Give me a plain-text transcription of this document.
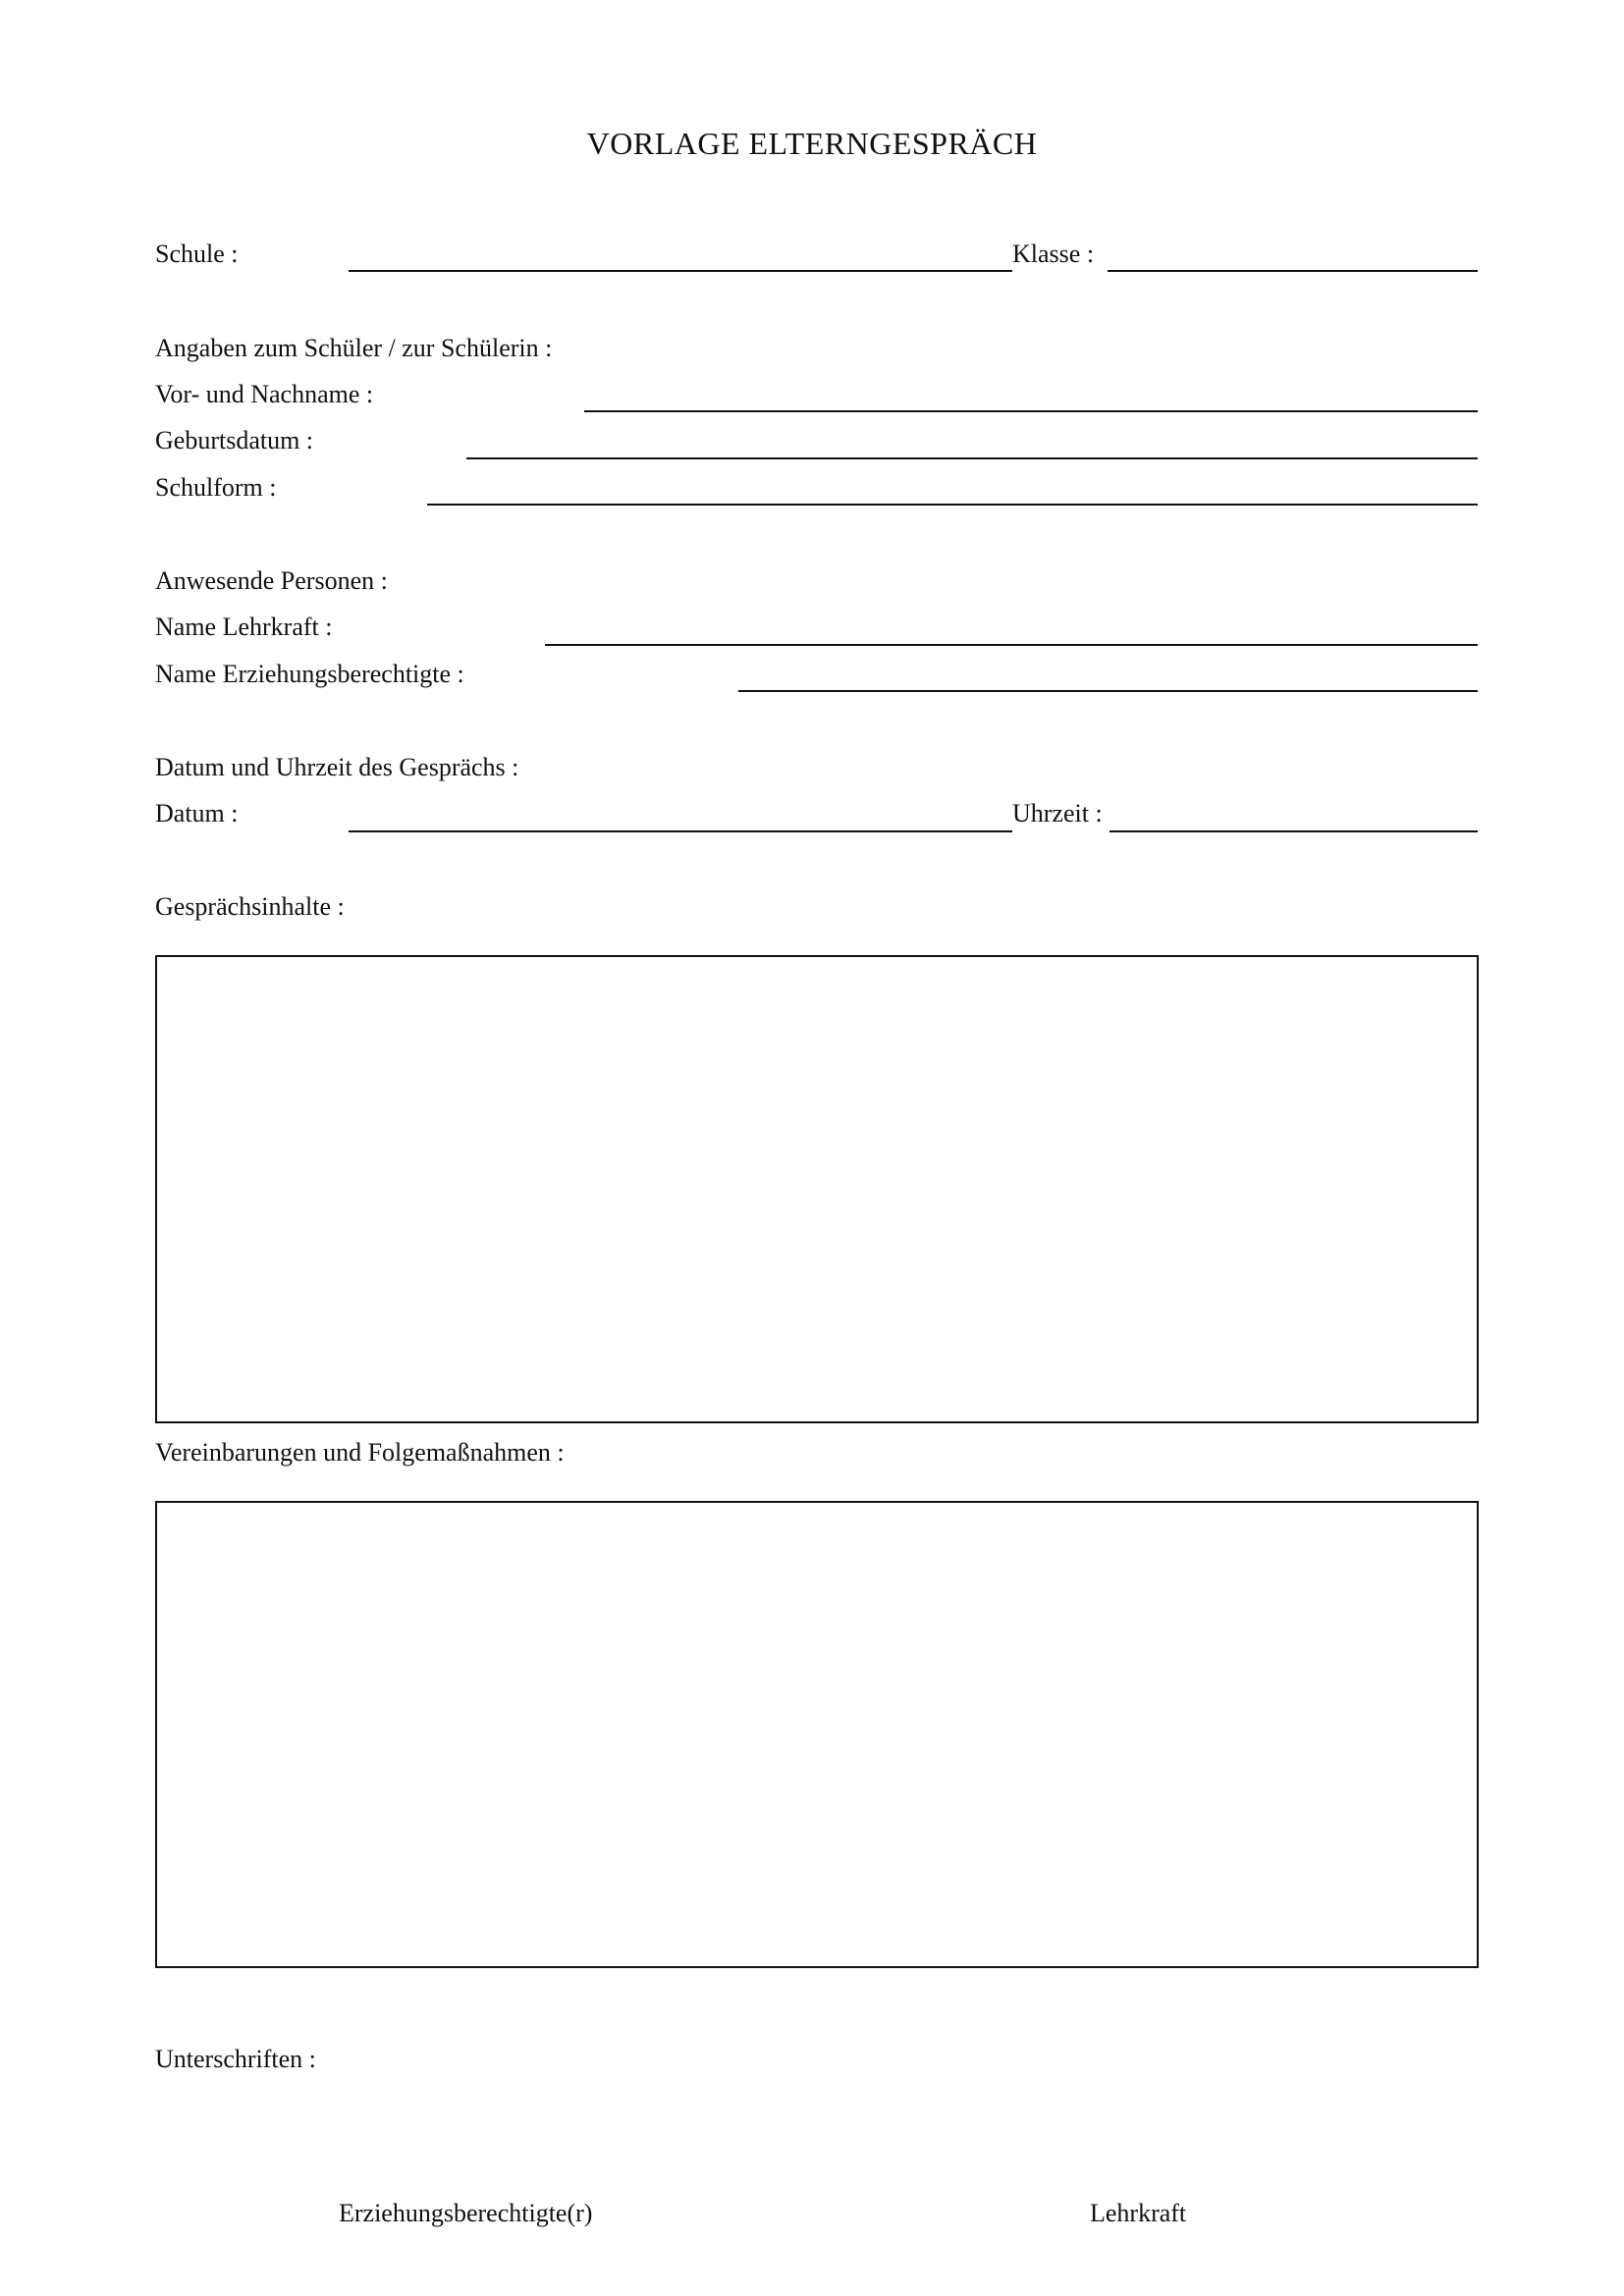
VORLAGE ELTERNGESPRÄCH

Schule :	Klasse :

Angaben zum Schüler / zur Schülerin :

Vor- und Nachname :

Geburtsdatum :

Schulform :

Anwesende Personen :

Name Lehrkraft :

Name Erziehungsberechtigte :

Datum und Uhrzeit des Gesprächs :

Datum :	Uhrzeit :

Gesprächsinhalte :

Vereinbarungen und Folgemaßnahmen :

Unterschriften :

Erziehungsberechtigte(r)	Lehrkraft
